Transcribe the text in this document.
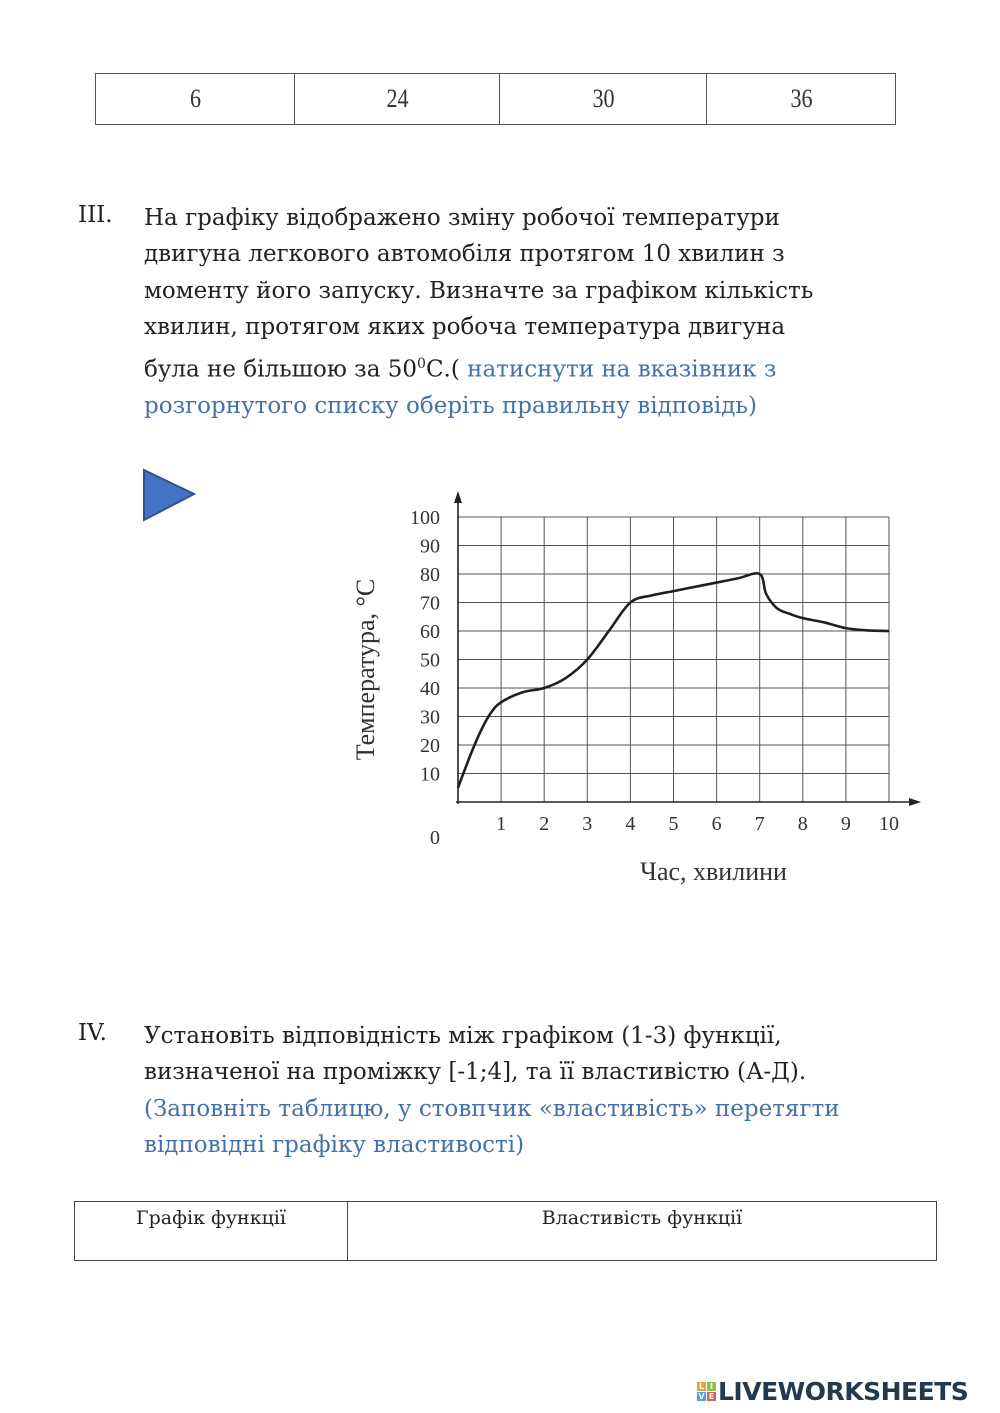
6	24	30	36
III. На графіку відображено зміну робочої температури
двигуна легкового автомобіля протягом 10 хвилин з
моменту його запуску. Визначте за графіком кількість
хвилин, протягом яких робоча температура двигуна
була не більшою за $50^0С$.( натиснути на вказівник з
розгорнутого списку оберіть правильну відповідь)
10
20
30
40
50
60
70
80
90
100
1 2 3 4 5 6 7 8 9 10
0
Температура, °С
Час, хвилини
IV. Установіть відповідність між графіком (1-3) функції,
визначеної на проміжку [-1;4], та її властивістю (А-Д).
(Заповніть таблицю, у стовпчик «властивість» перетягти
відповідні графіку властивості)
Графік функції	Властивість функції
L I
V E LIVEWORKSHEETS
